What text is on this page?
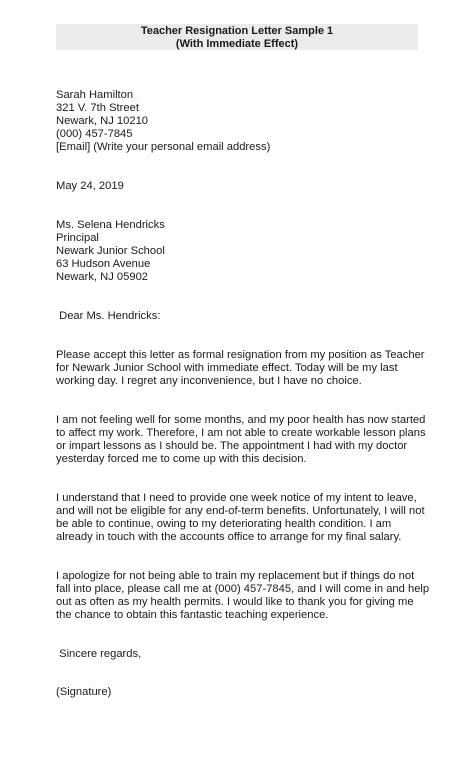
Teacher Resignation Letter Sample 1
(With Immediate Effect)
Sarah Hamilton
321 V. 7th Street
Newark, NJ 10210
(000) 457-7845
[Email] (Write your personal email address)
May 24, 2019
Ms. Selena Hendricks
Principal
Newark Junior School
63 Hudson Avenue
Newark, NJ 05902
Dear Ms. Hendricks:
Please accept this letter as formal resignation from my position as Teacher
for Newark Junior School with immediate effect. Today will be my last
working day. I regret any inconvenience, but I have no choice.
I am not feeling well for some months, and my poor health has now started
to affect my work. Therefore, I am not able to create workable lesson plans
or impart lessons as I should be. The appointment I had with my doctor
yesterday forced me to come up with this decision.
I understand that I need to provide one week notice of my intent to leave,
and will not be eligible for any end-of-term benefits. Unfortunately, I will not
be able to continue, owing to my deteriorating health condition. I am
already in touch with the accounts office to arrange for my final salary.
I apologize for not being able to train my replacement but if things do not
fall into place, please call me at (000) 457-7845, and I will come in and help
out as often as my health permits. I would like to thank you for giving me
the chance to obtain this fantastic teaching experience.
Sincere regards,
(Signature)
